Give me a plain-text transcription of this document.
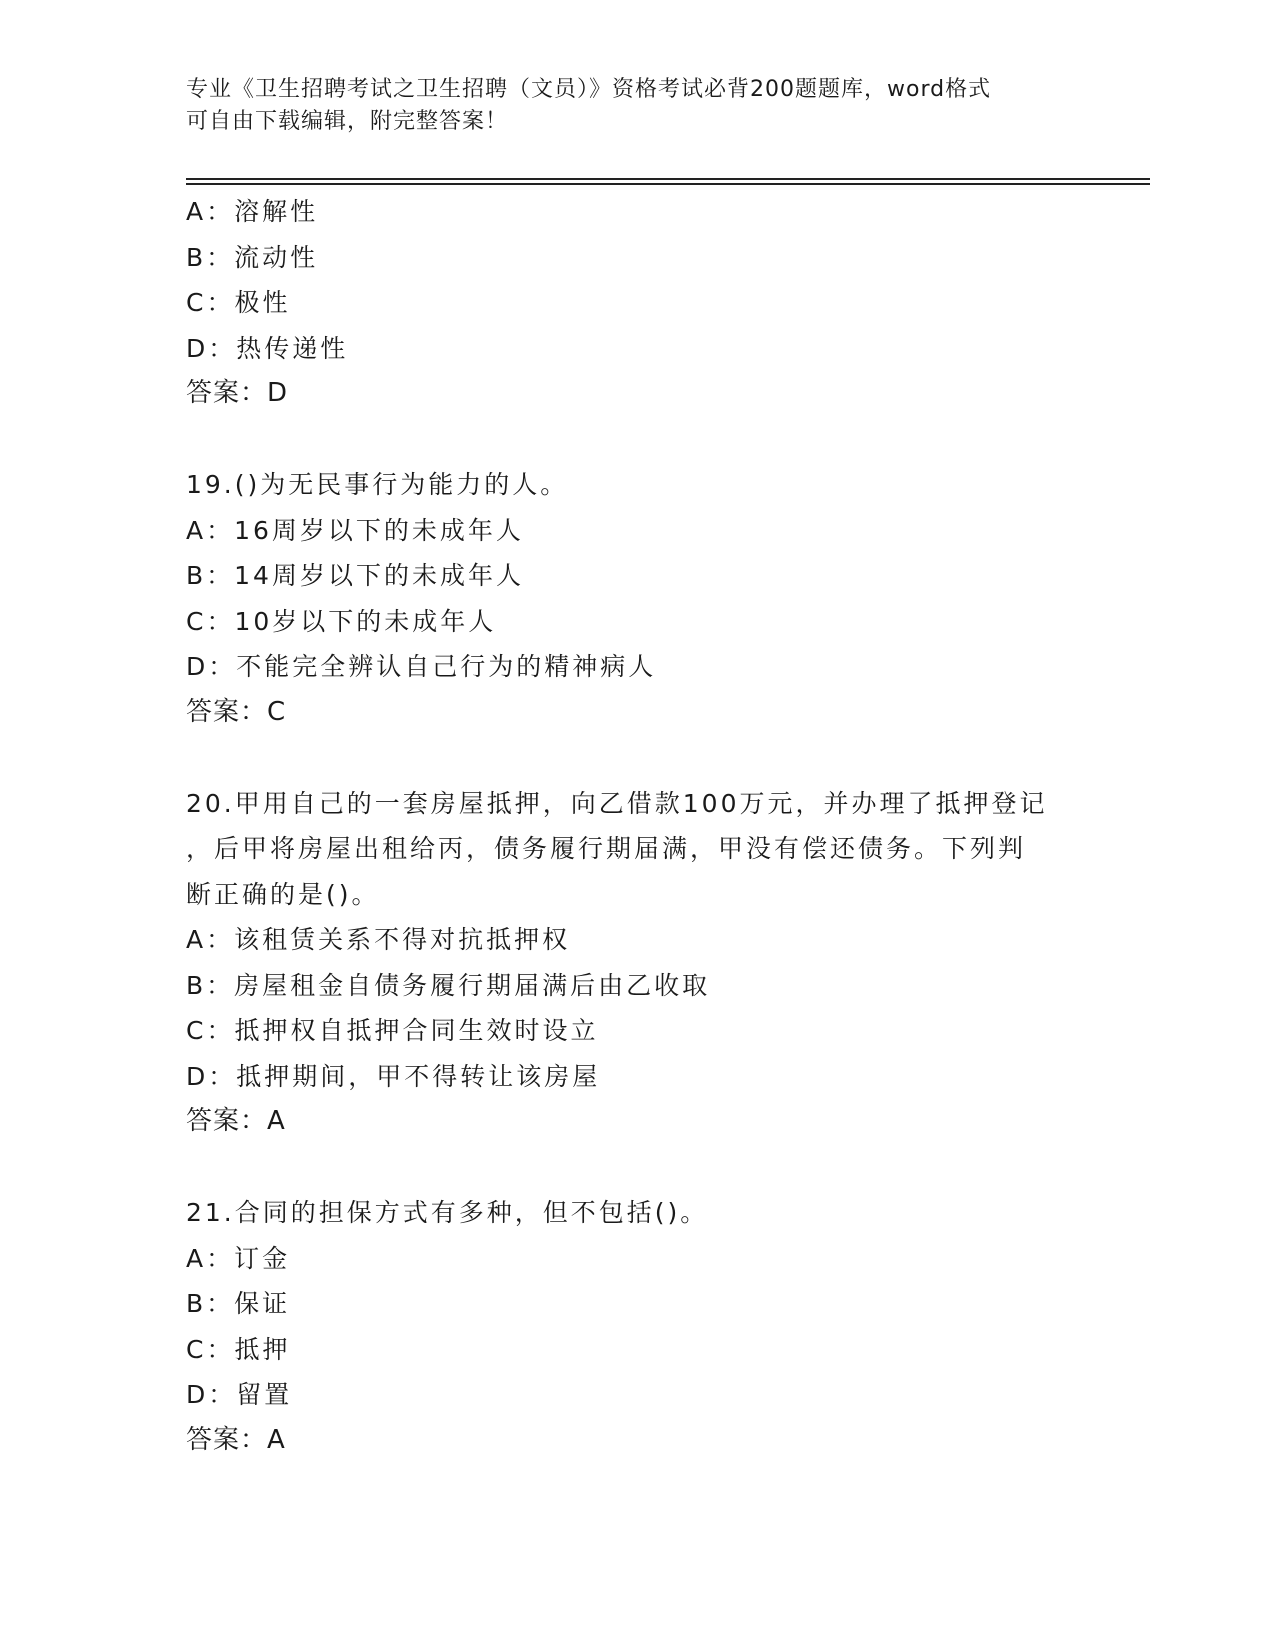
专业《卫生招聘考试之卫生招聘（文员）》资格考试必背200题题库，word格式
可自由下载编辑，附完整答案！
A：溶解性
B：流动性
C：极性
D：热传递性
答案：D
19.()为无民事行为能力的人。
A：16周岁以下的未成年人
B：14周岁以下的未成年人
C：10岁以下的未成年人
D：不能完全辨认自己行为的精神病人
答案：C
20.甲用自己的一套房屋抵押，向乙借款100万元，并办理了抵押登记
，后甲将房屋出租给丙，债务履行期届满，甲没有偿还债务。下列判
断正确的是()。
A：该租赁关系不得对抗抵押权
B：房屋租金自债务履行期届满后由乙收取
C：抵押权自抵押合同生效时设立
D：抵押期间，甲不得转让该房屋
答案：A
21.合同的担保方式有多种，但不包括()。
A：订金
B：保证
C：抵押
D：留置
答案：A
